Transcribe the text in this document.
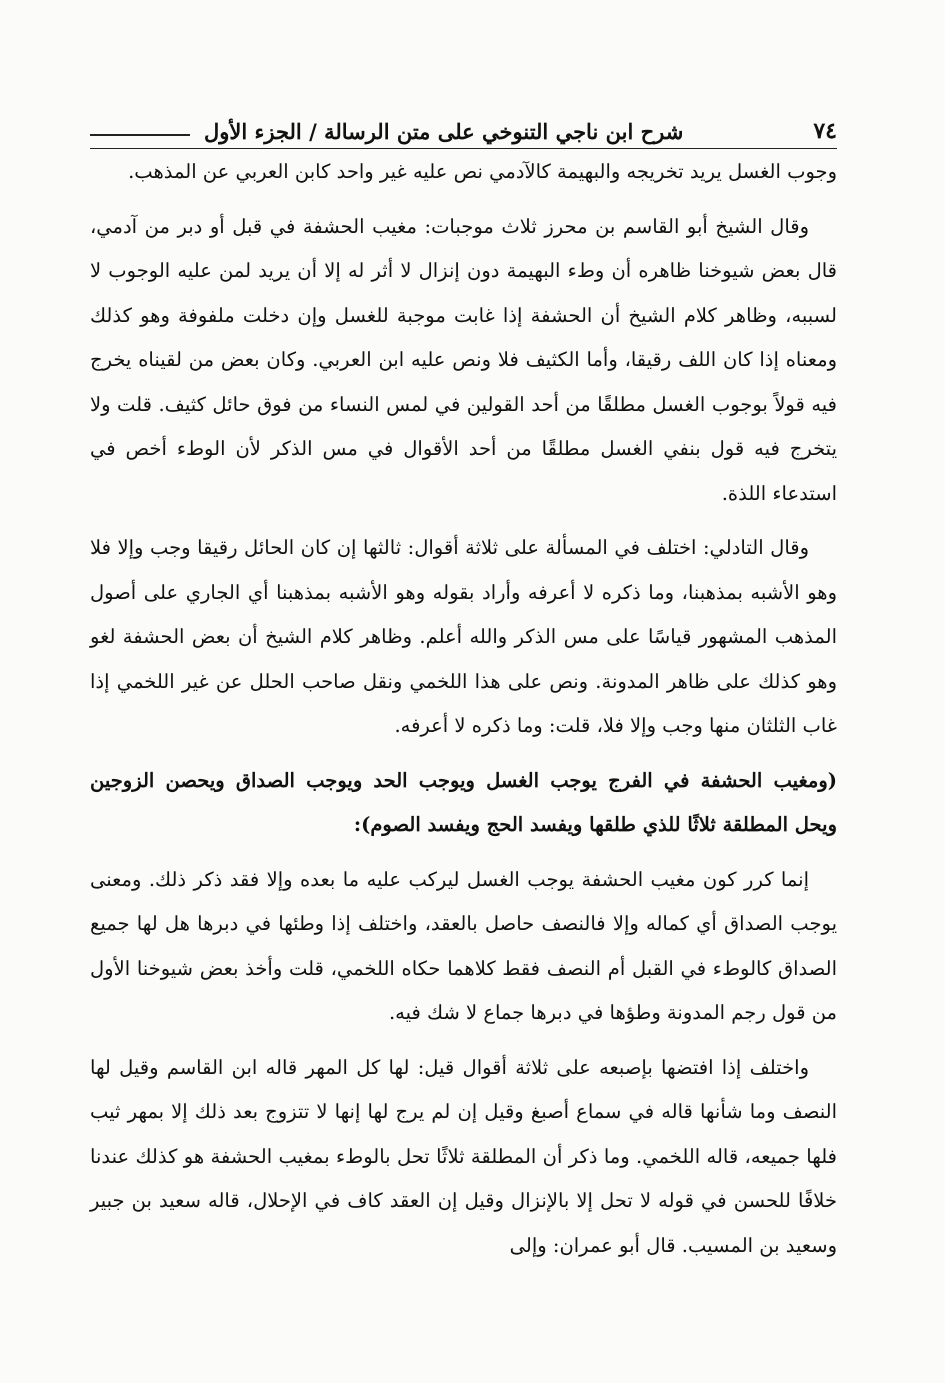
٧٤
شرح ابن ناجي التنوخي على متن الرسالة / الجزء الأول

وجوب الغسل يريد تخريجه والبهيمة كالآدمي نص عليه غير واحد كابن العربي عن المذهب.

وقال الشيخ أبو القاسم بن محرز ثلاث موجبات: مغيب الحشفة في قبل أو دبر من آدمي، قال بعض شيوخنا ظاهره أن وطء البهيمة دون إنزال لا أثر له إلا أن يريد لمن عليه الوجوب لا لسببه، وظاهر كلام الشيخ أن الحشفة إذا غابت موجبة للغسل وإن دخلت ملفوفة وهو كذلك ومعناه إذا كان اللف رقيقا، وأما الكثيف فلا ونص عليه ابن العربي. وكان بعض من لقيناه يخرج فيه قولاً بوجوب الغسل مطلقًا من أحد القولين في لمس النساء من فوق حائل كثيف. قلت ولا يتخرج فيه قول بنفي الغسل مطلقًا من أحد الأقوال في مس الذكر لأن الوطء أخص في استدعاء اللذة.

وقال التادلي: اختلف في المسألة على ثلاثة أقوال: ثالثها إن كان الحائل رقيقا وجب وإلا فلا وهو الأشبه بمذهبنا، وما ذكره لا أعرفه وأراد بقوله وهو الأشبه بمذهبنا أي الجاري على أصول المذهب المشهور قياسًا على مس الذكر والله أعلم. وظاهر كلام الشيخ أن بعض الحشفة لغو وهو كذلك على ظاهر المدونة. ونص على هذا اللخمي ونقل صاحب الحلل عن غير اللخمي إذا غاب الثلثان منها وجب وإلا فلا، قلت: وما ذكره لا أعرفه.

(ومغيب الحشفة في الفرج يوجب الغسل ويوجب الحد ويوجب الصداق ويحصن الزوجين ويحل المطلقة ثلاثًا للذي طلقها ويفسد الحج ويفسد الصوم):

إنما كرر كون مغيب الحشفة يوجب الغسل ليركب عليه ما بعده وإلا فقد ذكر ذلك. ومعنى يوجب الصداق أي كماله وإلا فالنصف حاصل بالعقد، واختلف إذا وطئها في دبرها هل لها جميع الصداق كالوطء في القبل أم النصف فقط كلاهما حكاه اللخمي، قلت وأخذ بعض شيوخنا الأول من قول رجم المدونة وطؤها في دبرها جماع لا شك فيه.

واختلف إذا افتضها بإصبعه على ثلاثة أقوال قيل: لها كل المهر قاله ابن القاسم وقيل لها النصف وما شأنها قاله في سماع أصبغ وقيل إن لم يرج لها إنها لا تتزوج بعد ذلك إلا بمهر ثيب فلها جميعه، قاله اللخمي. وما ذكر أن المطلقة ثلاثًا تحل بالوطء بمغيب الحشفة هو كذلك عندنا خلافًا للحسن في قوله لا تحل إلا بالإنزال وقيل إن العقد كاف في الإحلال، قاله سعيد بن جبير وسعيد بن المسيب. قال أبو عمران: وإلى
